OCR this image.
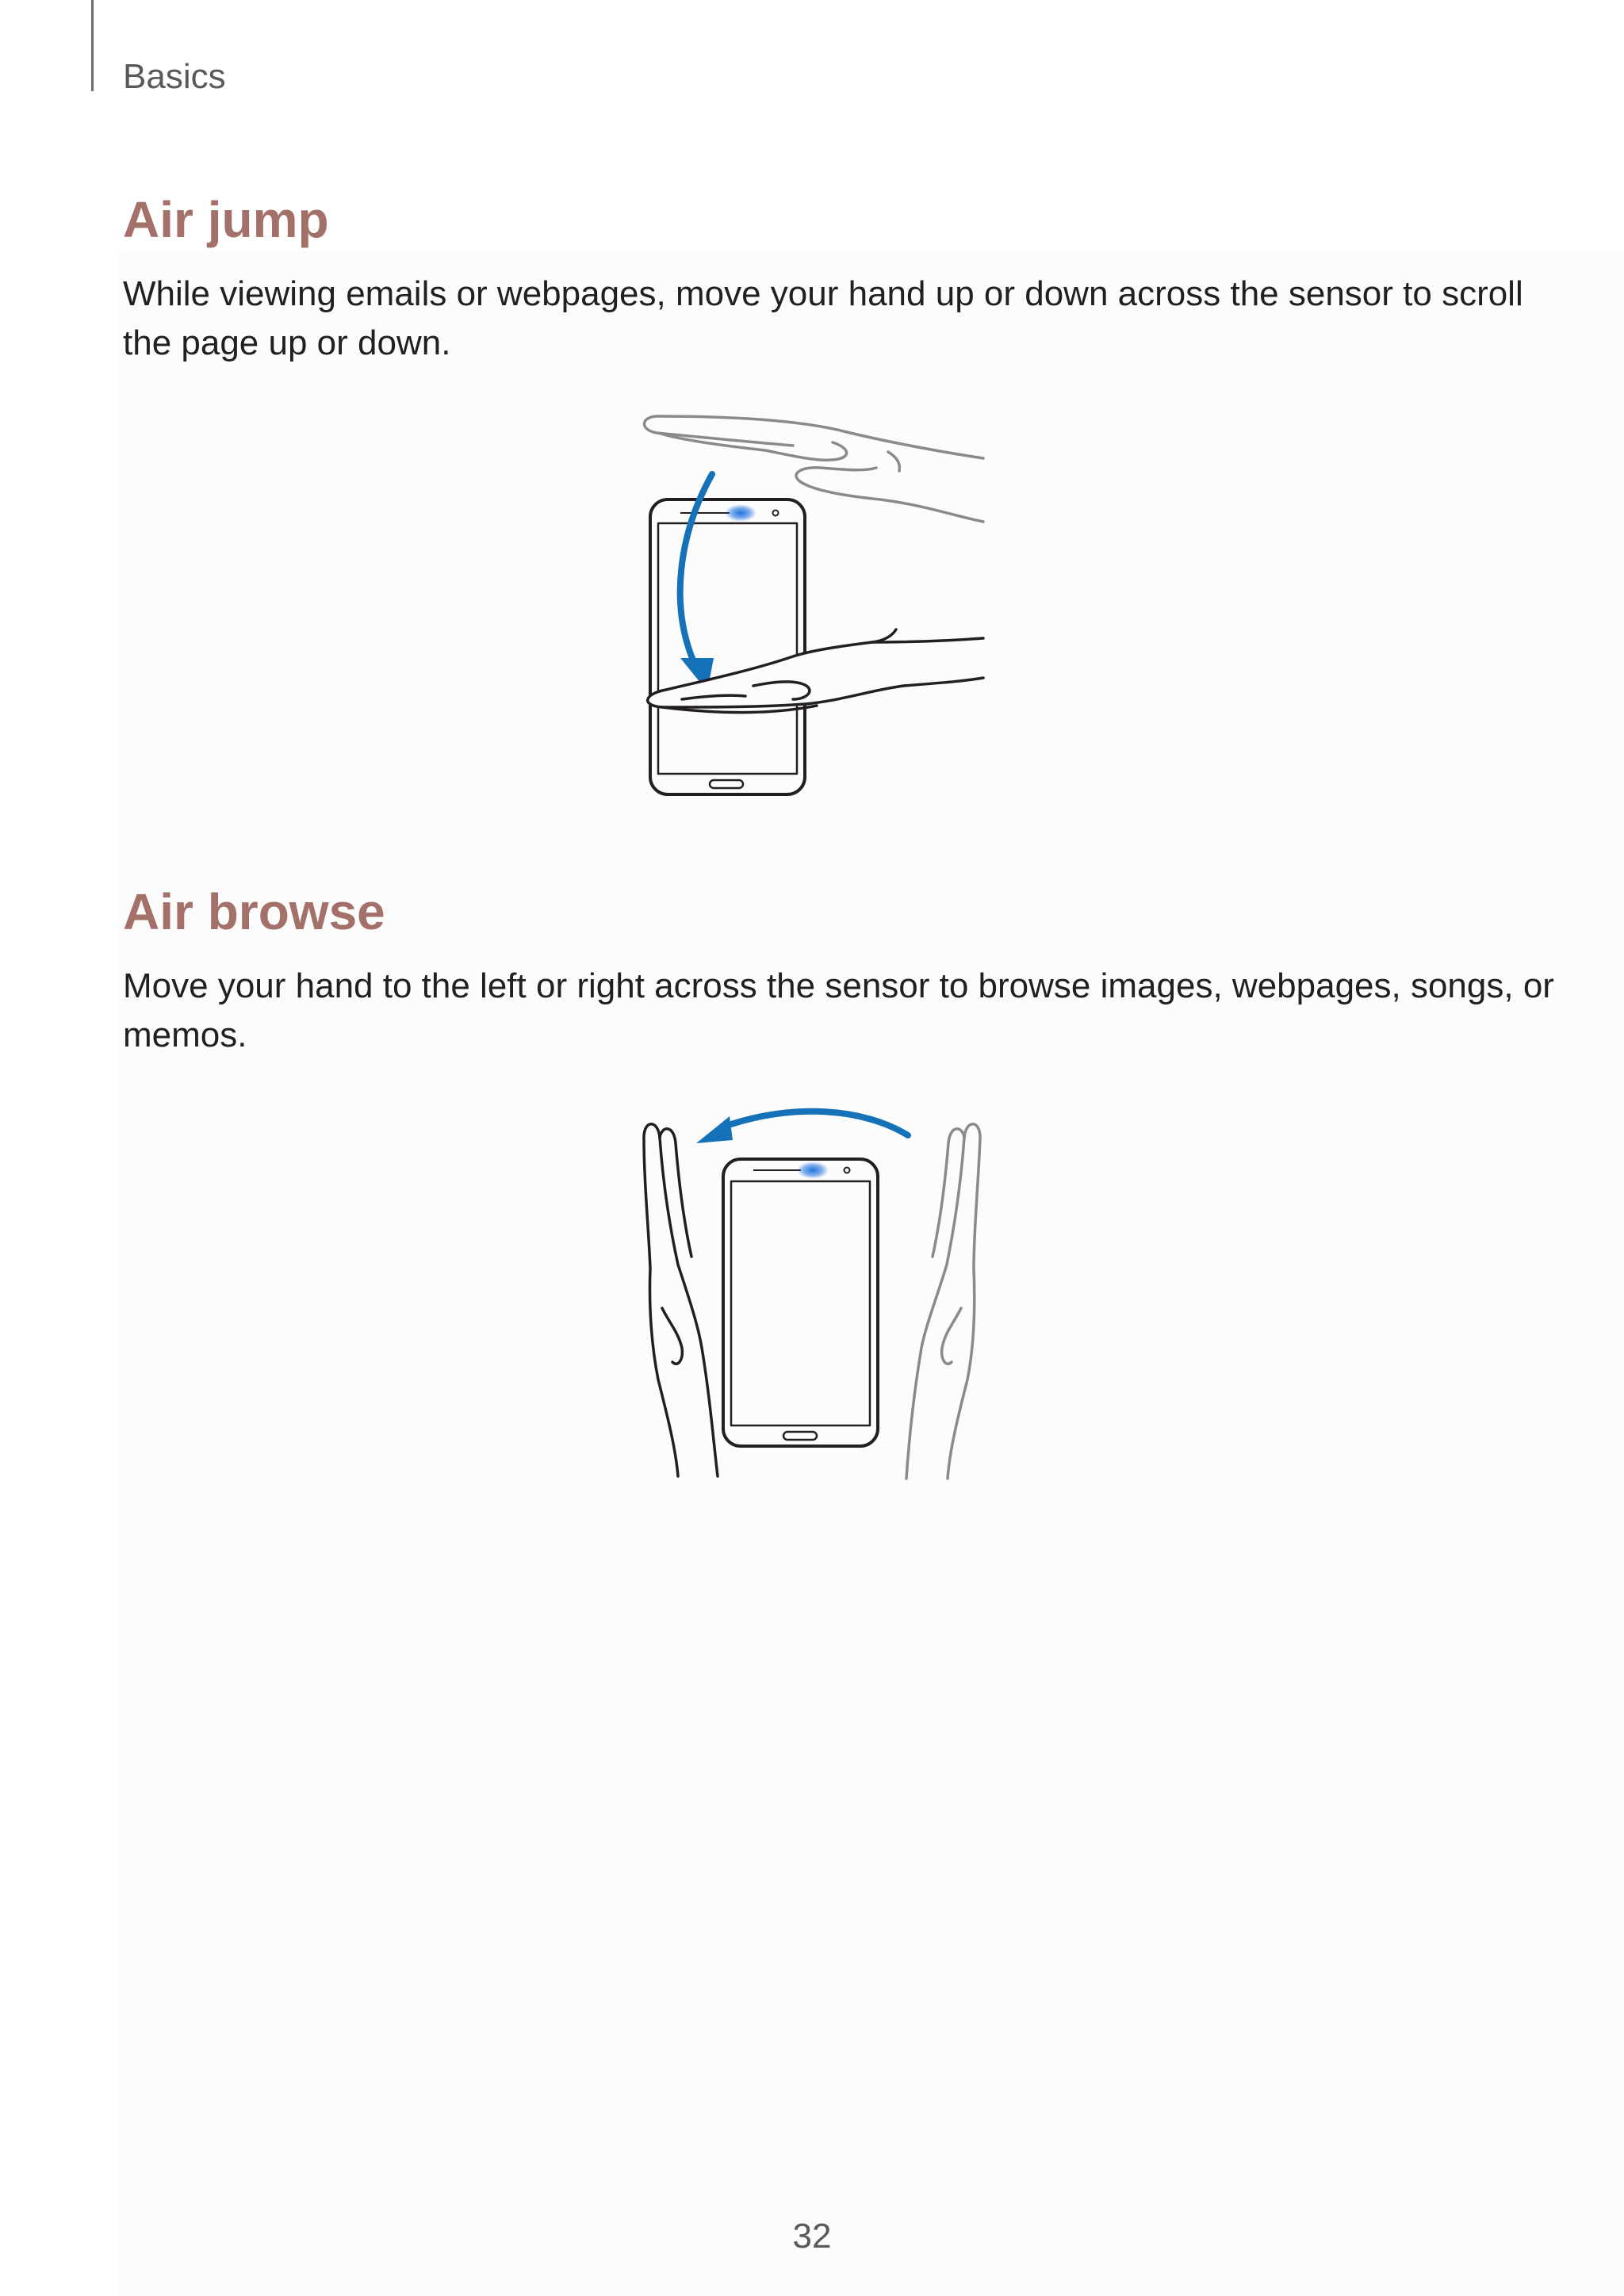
Basics
Air jump

While viewing emails or webpages, move your hand up or down across the sensor to scroll the page up or down.

Air browse

Move your hand to the left or right across the sensor to browse images, webpages, songs, or memos.

32
